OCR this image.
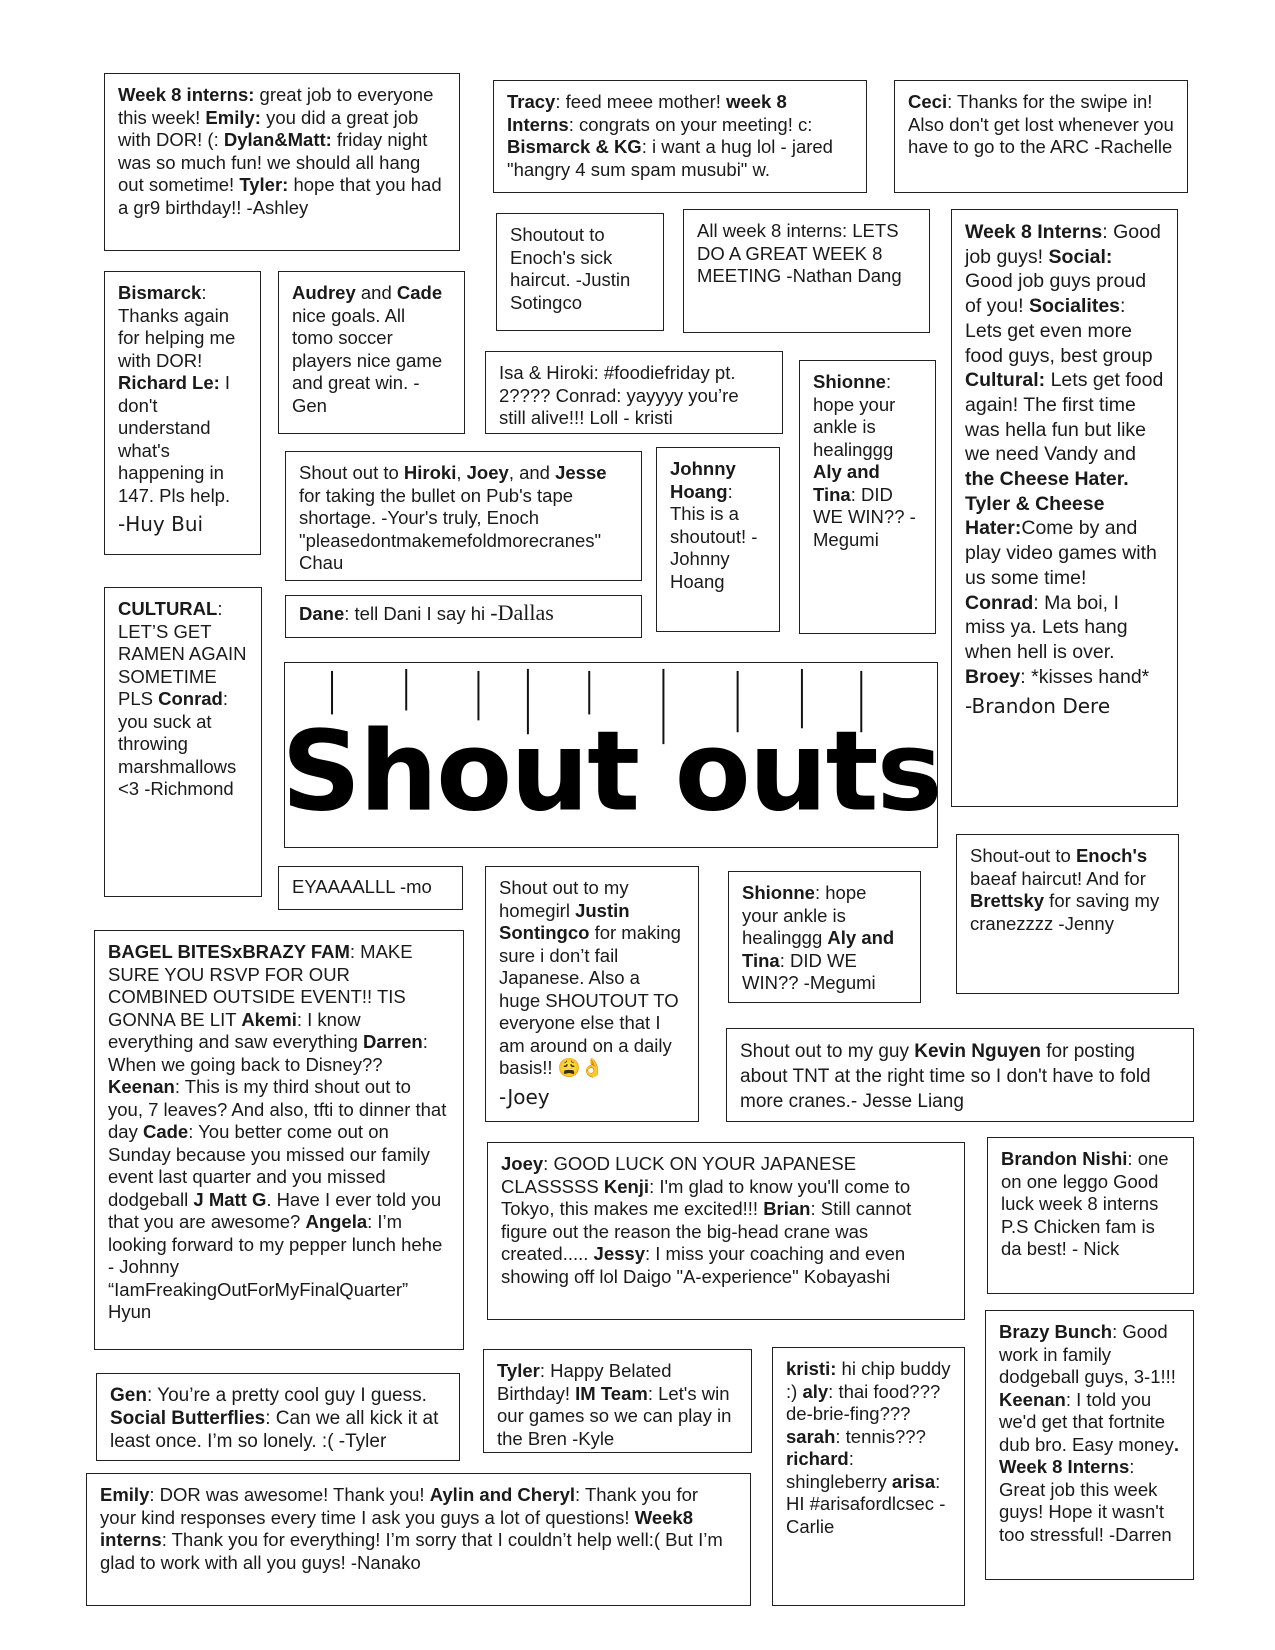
Week 8 interns: great job to everyone this week! Emily: you did a great job with DOR! (: Dylan&Matt: friday night was so much fun! we should all hang out sometime! Tyler: hope that you had a gr9 birthday!! -Ashley
Tracy: feed meee mother! week 8 Interns: congrats on your meeting! c: Bismarck & KG: i want a hug lol - jared "hangry 4 sum spam musubi" w.
Ceci: Thanks for the swipe in! Also don't get lost whenever you have to go to the ARC -Rachelle
Shoutout to Enoch's sick haircut. -Justin Sotingco
All week 8 interns: LETS DO A GREAT WEEK 8 MEETING -Nathan Dang
Week 8 Interns: Good job guys! Social: Good job guys proud of you! Socialites: Lets get even more food guys, best group Cultural: Lets get food again! The first time was hella fun but like we need Vandy and the Cheese Hater. Tyler & Cheese Hater:Come by and play video games with us some time! Conrad: Ma boi, I miss ya. Lets hang when hell is over. Broey: *kisses hand*
-Brandon Dere
Bismarck: Thanks again for helping me with DOR! Richard Le: I don't understand what's happening in 147. Pls help.
-Huy Bui
Audrey and Cade nice goals. All tomo soccer players nice game and great win. - Gen
Isa & Hiroki: #foodiefriday pt. 2???? Conrad: yayyyy you’re still alive!!! Loll - kristi
Shionne: hope your ankle is healinggg Aly and Tina: DID WE WIN?? -Megumi
Shout out to Hiroki, Joey, and Jesse for taking the bullet on Pub's tape shortage. -Your's truly, Enoch "pleasedontmakemefoldmorecranes" Chau
Johnny Hoang: This is a shoutout! -Johnny Hoang
Dane: tell Dani I say hi -Dallas
CULTURAL: LET’S GET RAMEN AGAIN SOMETIME PLS Conrad: you suck at throwing marshmallows <3 -Richmond Shout outs
EYAAAALLL -mo	Shout out to my homegirl Justin Sontingco for making sure i don’t fail Japanese. Also a huge SHOUTOUT TO everyone else that I am around on a daily basis!! 😩👌
-Joey
Shionne: hope your ankle is healinggg Aly and Tina: DID WE WIN?? -Megumi
Shout-out to Enoch's baeaf haircut! And for Brettsky for saving my cranezzzz -Jenny
BAGEL BITESxBRAZY FAM: MAKE SURE YOU RSVP FOR OUR COMBINED OUTSIDE EVENT!! TIS GONNA BE LIT Akemi: I know everything and saw everything Darren: When we going back to Disney?? Keenan: This is my third shout out to you, 7 leaves? And also, tfti to dinner that day Cade: You better come out on Sunday because you missed our family event last quarter and you missed dodgeball J Matt G. Have I ever told you that you are awesome? Angela: I’m looking forward to my pepper lunch hehe - Johnny “IamFreakingOutForMyFinalQuarter” Hyun
Shout out to my guy Kevin Nguyen for posting about TNT at the right time so I don't have to fold more cranes.- Jesse Liang
Joey: GOOD LUCK ON YOUR JAPANESE CLASSSSS Kenji: I'm glad to know you'll come to Tokyo, this makes me excited!!! Brian: Still cannot figure out the reason the big-head crane was created..... Jessy: I miss your coaching and even showing off lol Daigo "A-experience" Kobayashi
Brandon Nishi: one on one leggo Good luck week 8 interns P.S Chicken fam is da best! - Nick
Gen: You’re a pretty cool guy I guess. Social Butterflies: Can we all kick it at least once. I’m so lonely. :( -Tyler
Tyler: Happy Belated Birthday! IM Team: Let's win our games so we can play in the Bren -Kyle
kristi: hi chip buddy :) aly: thai food??? de-brie-fing??? sarah: tennis??? richard: shingleberry arisa: HI #arisafordlcsec - Carlie
Brazy Bunch: Good work in family dodgeball guys, 3-1!!! Keenan: I told you we'd get that fortnite dub bro. Easy money. Week 8 Interns: Great job this week guys! Hope it wasn't too stressful! -Darren
Emily: DOR was awesome! Thank you! Aylin and Cheryl: Thank you for your kind responses every time I ask you guys a lot of questions! Week8 interns: Thank you for everything! I’m sorry that I couldn’t help well:( But I’m glad to work with all you guys! -Nanako
